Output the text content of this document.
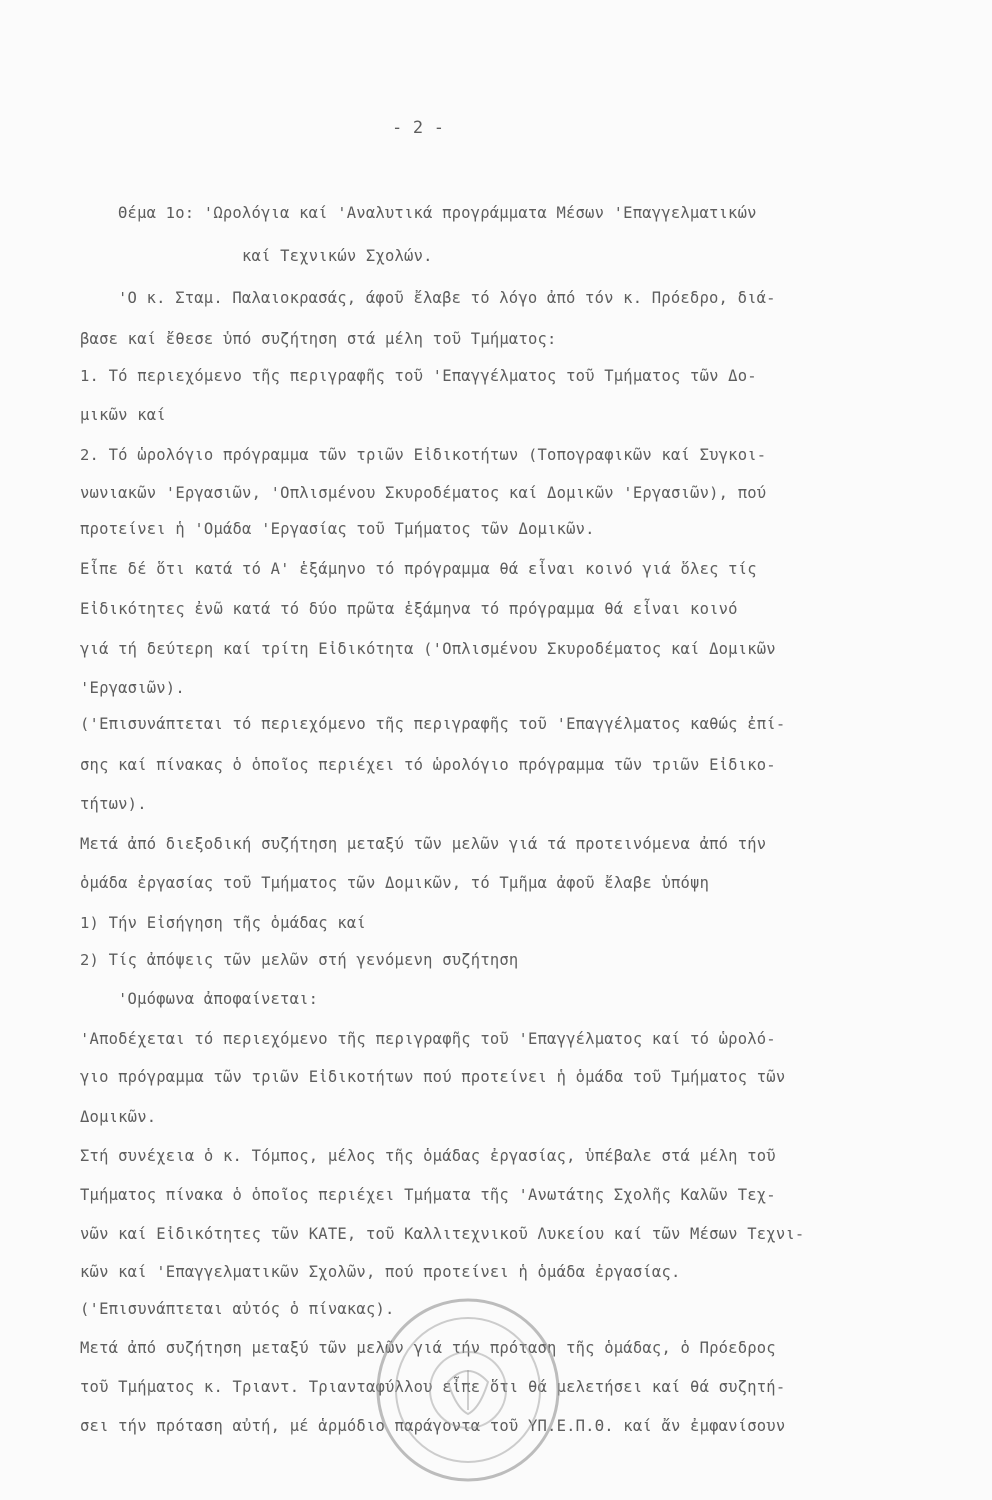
- 2 -
Θέμα 1ο: 'Ωρολόγια καί 'Αναλυτικά προγράμματα Μέσων 'Επαγγελματικών
καί Τεχνικών Σχολών.
'Ο κ. Σταμ. Παλαιοκρασάς, άφοῦ ἔλαβε τό λόγο ἀπό τόν κ. Πρόεδρο, διά-
βασε καί ἔθεσε ὑπό συζήτηση στά μέλη τοῦ Τμήματος:
1. Τό περιεχόμενο τῆς περιγραφῆς τοῦ 'Επαγγέλματος τοῦ Τμήματος τῶν Δο-
μικῶν καί
2. Τό ὡρολόγιο πρόγραμμα τῶν τριῶν Εἰδικοτήτων (Τοπογραφικῶν καί Συγκοι-
νωνιακῶν 'Εργασιῶν, 'Οπλισμένου Σκυροδέματος καί Δομικῶν 'Εργασιῶν), πού
προτείνει ἡ 'Ομάδα 'Εργασίας τοῦ Τμήματος τῶν Δομικῶν.
Εἶπε δέ ὅτι κατά τό Α' ἑξάμηνο τό πρόγραμμα θά εἶναι κοινό γιά ὅλες τίς
Εἰδικότητες ἐνῶ κατά τό δύο πρῶτα ἑξάμηνα τό πρόγραμμα θά εἶναι κοινό
γιά τή δεύτερη καί τρίτη Εἰδικότητα ('Οπλισμένου Σκυροδέματος καί Δομικῶν
'Εργασιῶν).
('Επισυνάπτεται τό περιεχόμενο τῆς περιγραφῆς τοῦ 'Επαγγέλματος καθώς ἐπί-
σης καί πίνακας ὁ ὁποῖος περιέχει τό ὡρολόγιο πρόγραμμα τῶν τριῶν Εἰδικο-
τήτων).
Μετά ἀπό διεξοδική συζήτηση μεταξύ τῶν μελῶν γιά τά προτεινόμενα ἀπό τήν
ὁμάδα ἐργασίας τοῦ Τμήματος τῶν Δομικῶν, τό Τμῆμα ἀφοῦ ἔλαβε ὑπόψη
1) Τήν Εἰσήγηση τῆς ὁμάδας καί
2) Τίς ἀπόψεις τῶν μελῶν στή γενόμενη συζήτηση
'Ομόφωνα ἀποφαίνεται:
'Αποδέχεται τό περιεχόμενο τῆς περιγραφῆς τοῦ 'Επαγγέλματος καί τό ὡρολό-
γιο πρόγραμμα τῶν τριῶν Εἰδικοτήτων πού προτείνει ἡ ὁμάδα τοῦ Τμήματος τῶν
Δομικῶν.
Στή συνέχεια ὁ κ. Τόμπος, μέλος τῆς ὁμάδας ἐργασίας, ὑπέβαλε στά μέλη τοῦ
Τμήματος πίνακα ὁ ὁποῖος περιέχει Τμήματα τῆς 'Ανωτάτης Σχολῆς Καλῶν Τεχ-
νῶν καί Εἰδικότητες τῶν ΚΑΤΕ, τοῦ Καλλιτεχνικοῦ Λυκείου καί τῶν Μέσων Τεχνι-
κῶν καί 'Επαγγελματικῶν Σχολῶν, πού προτείνει ἡ ὁμάδα ἐργασίας.
('Επισυνάπτεται αὐτός ὁ πίνακας).
Μετά ἀπό συζήτηση μεταξύ τῶν μελῶν γιά τήν πρόταση τῆς ὁμάδας, ὁ Πρόεδρος
τοῦ Τμήματος κ. Τριαντ. Τριανταφύλλου εἶπε ὅτι θά μελετήσει καί θά συζητή-
σει τήν πρόταση αὐτή, μέ ἁρμόδιο παράγοντα τοῦ ΥΠ.Ε.Π.Θ. καί ἄν ἐμφανίσουν
